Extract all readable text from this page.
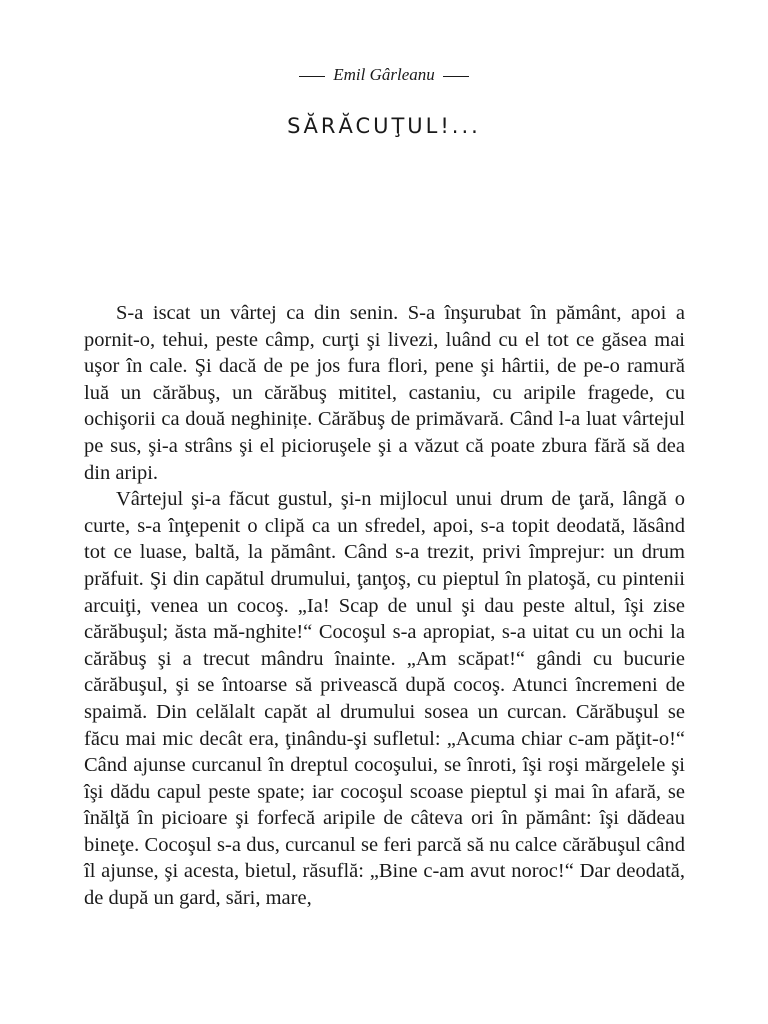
Emil Gârleanu
SĂRĂCUŢUL!...

S-a iscat un vârtej ca din senin. S-a înşurubat în pământ, apoi a pornit-o, tehui, peste câmp, curţi şi livezi, luând cu el tot ce găsea mai uşor în cale. Şi dacă de pe jos fura flori, pene şi hârtii, de pe-o ramură luă un cărăbuş, un cărăbuş mititel, castaniu, cu aripile fragede, cu ochişorii ca două neghinițe. Cărăbuş de primăvară. Când l-a luat vârtejul pe sus, şi-a strâns şi el picioruşele şi a văzut că poate zbura fără să dea din aripi.

Vârtejul şi-a făcut gustul, şi-n mijlocul unui drum de ţară, lângă o curte, s-a înţepenit o clipă ca un sfredel, apoi, s-a topit deodată, lăsând tot ce luase, baltă, la pământ. Când s-a trezit, privi împrejur: un drum prăfuit. Şi din capătul drumului, ţanţoş, cu pieptul în platoşă, cu pintenii arcuiţi, venea un cocoş. „Ia! Scap de unul şi dau peste altul, îşi zise cărăbuşul; ăsta mă-nghite!“ Cocoşul s-a apropiat, s-a uitat cu un ochi la cărăbuş şi a trecut mândru înainte. „Am scăpat!“ gândi cu bucurie cărăbuşul, şi se întoarse să privească după cocoş. Atunci încremeni de spaimă. Din celălalt capăt al drumului sosea un curcan. Cărăbuşul se făcu mai mic decât era, ţinându-şi sufletul: „Acuma chiar c-am păţit-o!“ Când ajunse curcanul în dreptul cocoşului, se înroti, îşi roşi mărgelele şi îşi dădu capul peste spate; iar cocoşul scoase pieptul şi mai în afară, se înălţă în picioare şi forfecă aripile de câteva ori în pământ: îşi dădeau bineţe. Cocoşul s-a dus, curcanul se feri parcă să nu calce cărăbuşul când îl ajunse, şi acesta, bietul, răsuflă: „Bine c-am avut noroc!“ Dar deodată, de după un gard, sări, mare,
